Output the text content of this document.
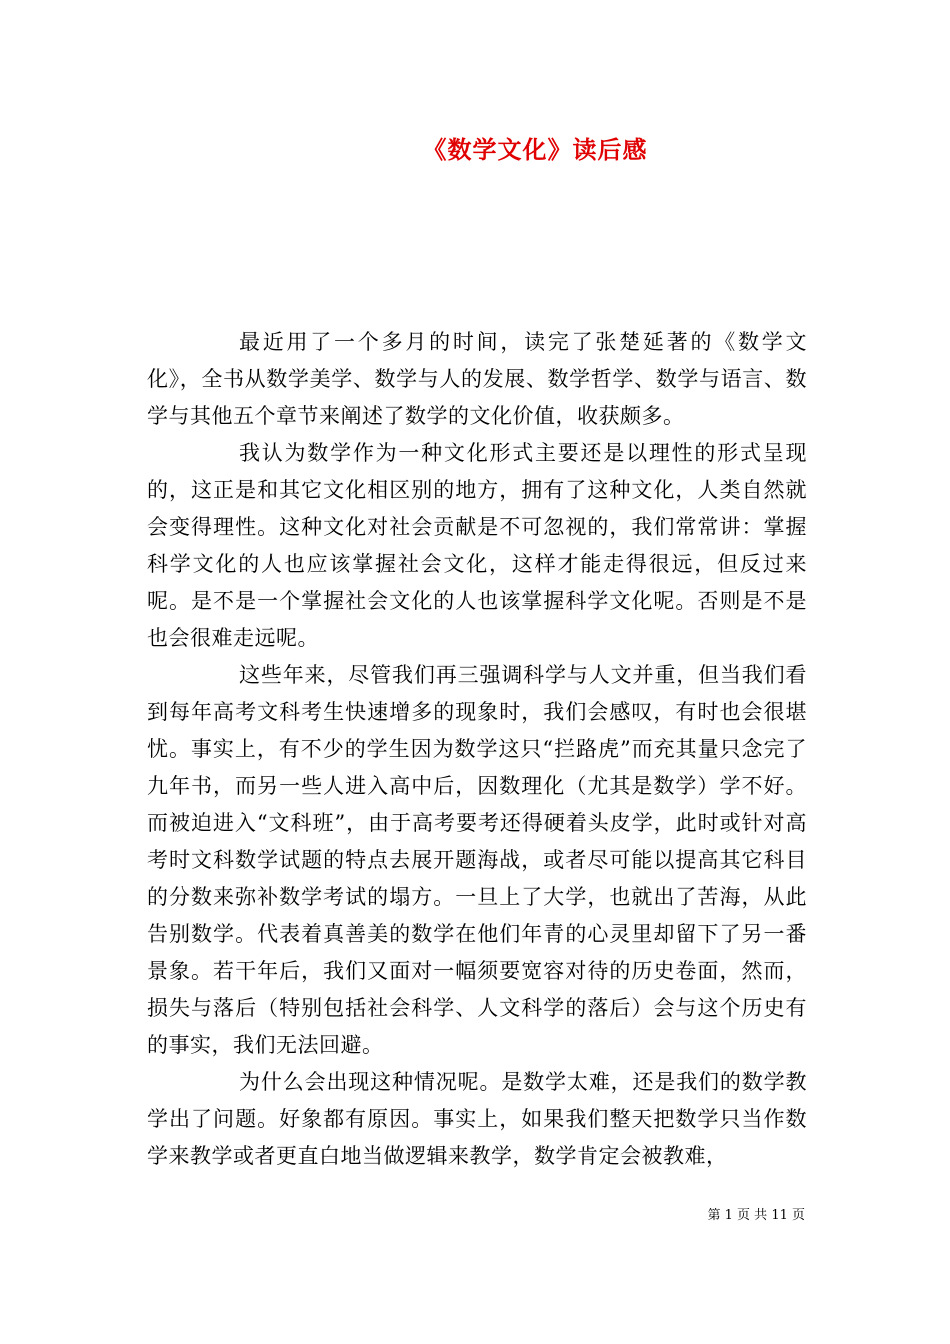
《数学文化》读后感

最近用了一个多月的时间，读完了张楚延著的《数学文化》，全书从数学美学、数学与人的发展、数学哲学、数学与语言、数学与其他五个章节来阐述了数学的文化价值，收获颇多。

我认为数学作为一种文化形式主要还是以理性的形式呈现的，这正是和其它文化相区别的地方，拥有了这种文化，人类自然就会变得理性。这种文化对社会贡献是不可忽视的，我们常常讲：掌握科学文化的人也应该掌握社会文化，这样才能走得很远，但反过来呢。是不是一个掌握社会文化的人也该掌握科学文化呢。否则是不是也会很难走远呢。

这些年来，尽管我们再三强调科学与人文并重，但当我们看到每年高考文科考生快速增多的现象时，我们会感叹，有时也会很堪忧。事实上，有不少的学生因为数学这只“拦路虎”而充其量只念完了九年书，而另一些人进入高中后，因数理化（尤其是数学）学不好。而被迫进入“文科班”，由于高考要考还得硬着头皮学，此时或针对高考时文科数学试题的特点去展开题海战，或者尽可能以提高其它科目的分数来弥补数学考试的塌方。一旦上了大学，也就出了苦海，从此告别数学。代表着真善美的数学在他们年青的心灵里却留下了另一番景象。若干年后，我们又面对一幅须要宽容对待的历史卷面，然而，损失与落后（特别包括社会科学、人文科学的落后）会与这个历史有的事实，我们无法回避。

为什么会出现这种情况呢。是数学太难，还是我们的数学教学出了问题。好象都有原因。事实上，如果我们整天把数学只当作数学来教学或者更直白地当做逻辑来教学，数学肯定会被教难，

第 1 页 共 11 页
